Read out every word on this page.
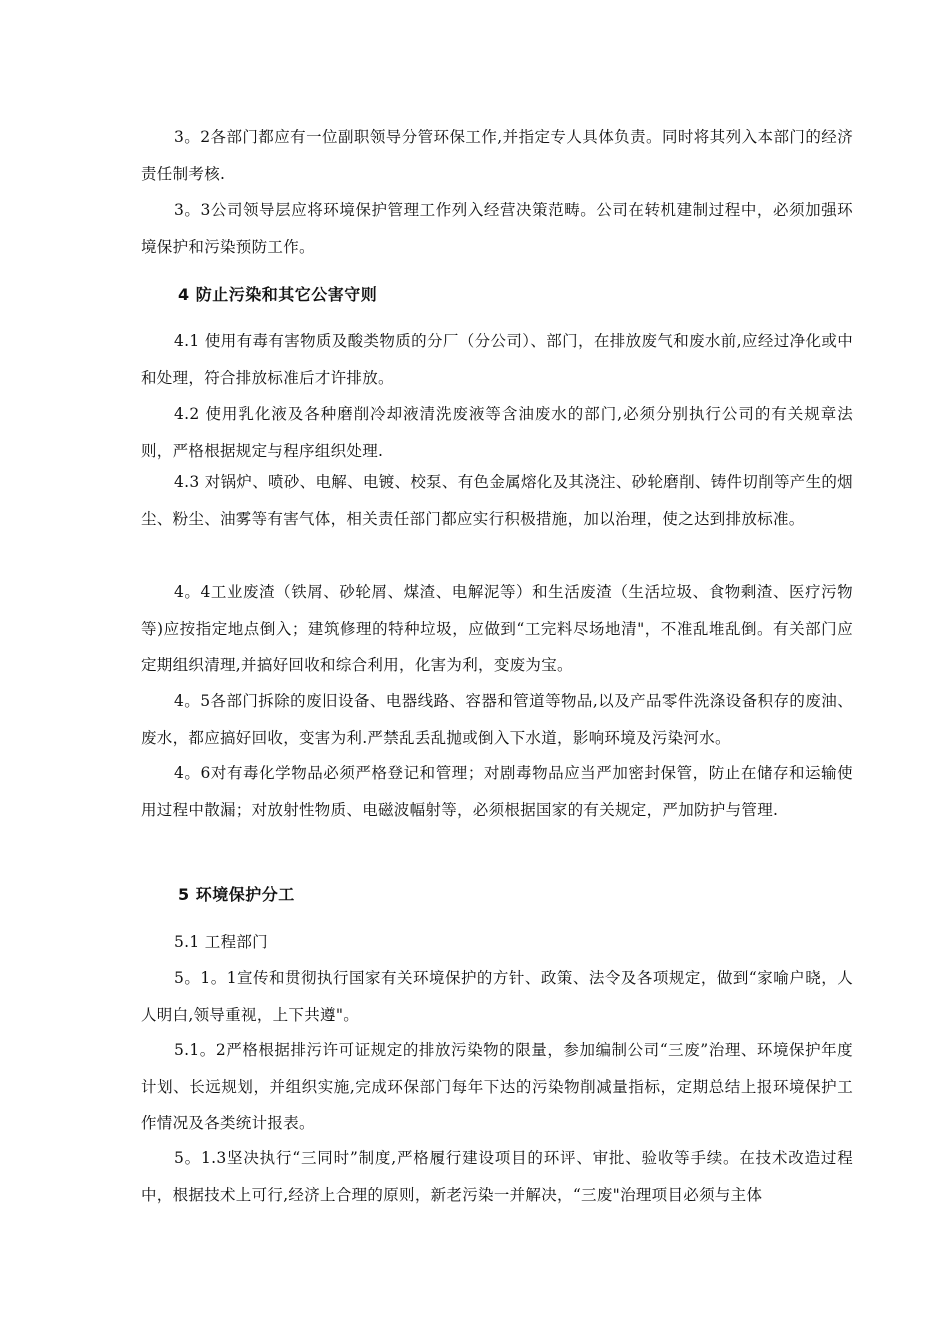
3。2各部门都应有一位副职领导分管环保工作,并指定专人具体负责。同时将其列入本部门的经济责任制考核.

3。3公司领导层应将环境保护管理工作列入经营决策范畴。公司在转机建制过程中，必须加强环境保护和污染预防工作。

4 防止污染和其它公害守则

4.1 使用有毒有害物质及酸类物质的分厂（分公司）、部门，在排放废气和废水前,应经过净化或中和处理，符合排放标准后才许排放。

4.2 使用乳化液及各种磨削冷却液清洗废液等含油废水的部门,必须分别执行公司的有关规章法则，严格根据规定与程序组织处理.

4.3 对锅炉、喷砂、电解、电镀、校泵、有色金属熔化及其浇注、砂轮磨削、铸件切削等产生的烟尘、粉尘、油雾等有害气体，相关责任部门都应实行积极措施，加以治理，使之达到排放标准。

4。4工业废渣（铁屑、砂轮屑、煤渣、电解泥等）和生活废渣（生活垃圾、食物剩渣、医疗污物等)应按指定地点倒入；建筑修理的特种垃圾，应做到“工完料尽场地清"，不准乱堆乱倒。有关部门应定期组织清理,并搞好回收和综合利用，化害为利，变废为宝。

4。5各部门拆除的废旧设备、电器线路、容器和管道等物品,以及产品零件洗涤设备积存的废油、废水，都应搞好回收，变害为利.严禁乱丢乱抛或倒入下水道，影响环境及污染河水。

4。6对有毒化学物品必须严格登记和管理；对剧毒物品应当严加密封保管，防止在储存和运输使用过程中散漏；对放射性物质、电磁波幅射等，必须根据国家的有关规定，严加防护与管理.

5 环境保护分工

5.1 工程部门

5。1。1宣传和贯彻执行国家有关环境保护的方针、政策、法令及各项规定，做到“家喻户晓，人人明白,领导重视，上下共遵"。

5.1。2严格根据排污许可证规定的排放污染物的限量，参加编制公司“三废”治理、环境保护年度计划、长远规划，并组织实施,完成环保部门每年下达的污染物削减量指标，定期总结上报环境保护工作情况及各类统计报表。

5。1.3坚决执行“三同时”制度,严格履行建设项目的环评、审批、验收等手续。在技术改造过程中，根据技术上可行,经济上合理的原则，新老污染一并解决，“三废"治理项目必须与主体
